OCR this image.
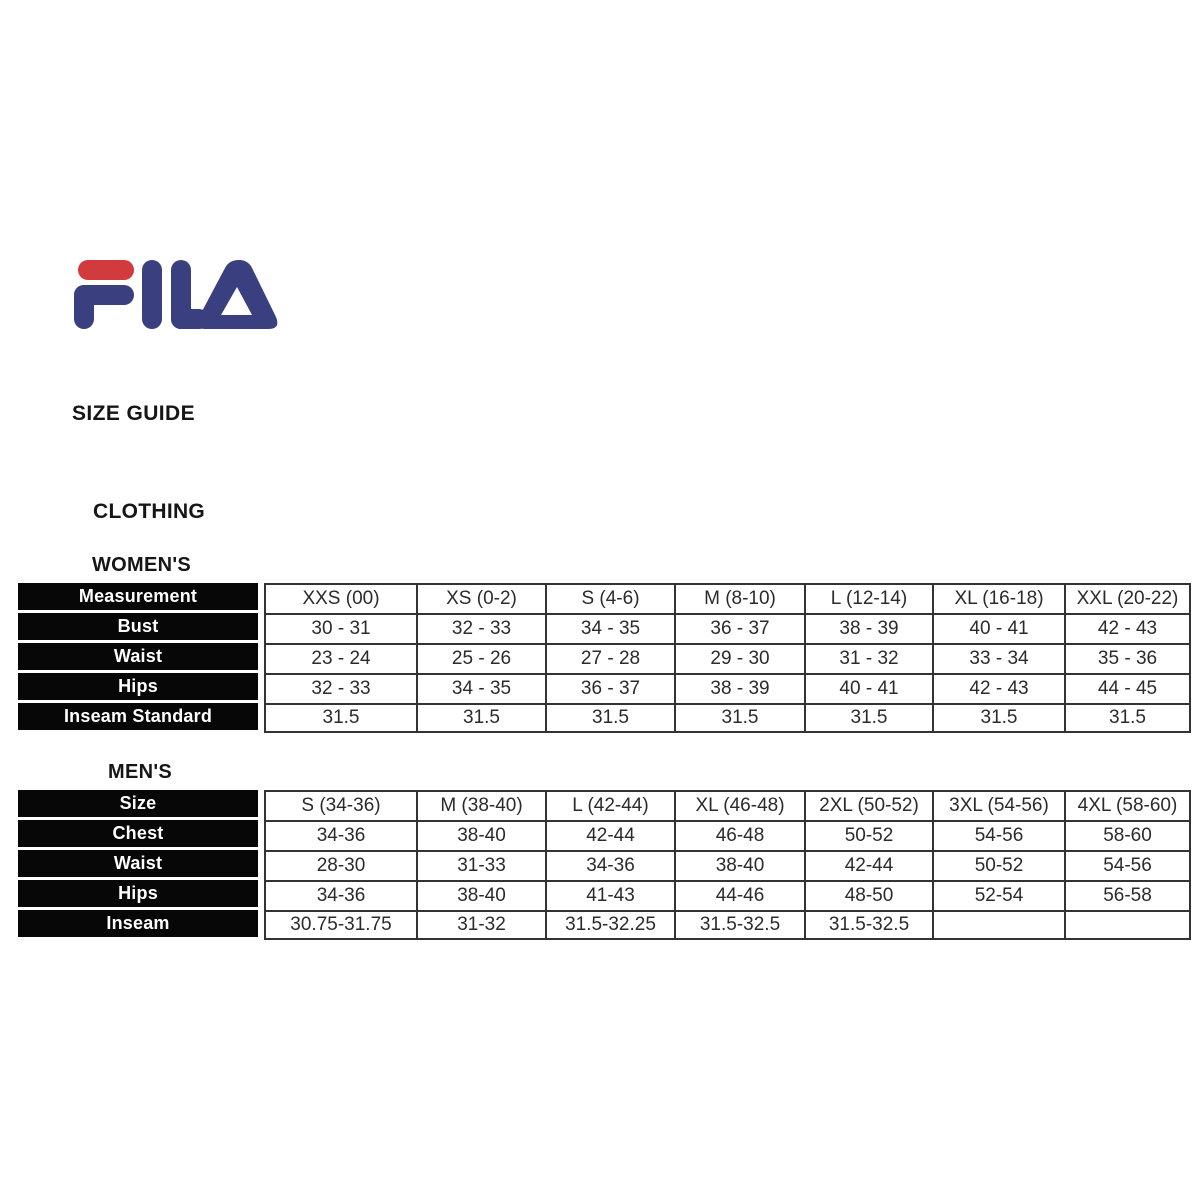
SIZE GUIDE
CLOTHING
WOMEN'S
MEN'S
Measurement	XXS (00)	XS (0-2)	S (4-6)	M (8-10)	L (12-14)	XL (16-18)	XXL (20-22)
Bust	30 - 31	32 - 33	34 - 35	36 - 37	38 - 39	40 - 41	42 - 43
Waist	23 - 24	25 - 26	27 - 28	29 - 30	31 - 32	33 - 34	35 - 36
Hips	32 - 33	34 - 35	36 - 37	38 - 39	40 - 41	42 - 43	44 - 45
Inseam Standard	31.5	31.5	31.5	31.5	31.5	31.5	31.5
Size	S (34-36)	M (38-40)	L (42-44)	XL (46-48)	2XL (50-52)	3XL (54-56)	4XL (58-60)
Chest	34-36	38-40	42-44	46-48	50-52	54-56	58-60
Waist	28-30	31-33	34-36	38-40	42-44	50-52	54-56
Hips	34-36	38-40	41-43	44-46	48-50	52-54	56-58
Inseam	30.75-31.75	31-32	31.5-32.25	31.5-32.5	31.5-32.5
